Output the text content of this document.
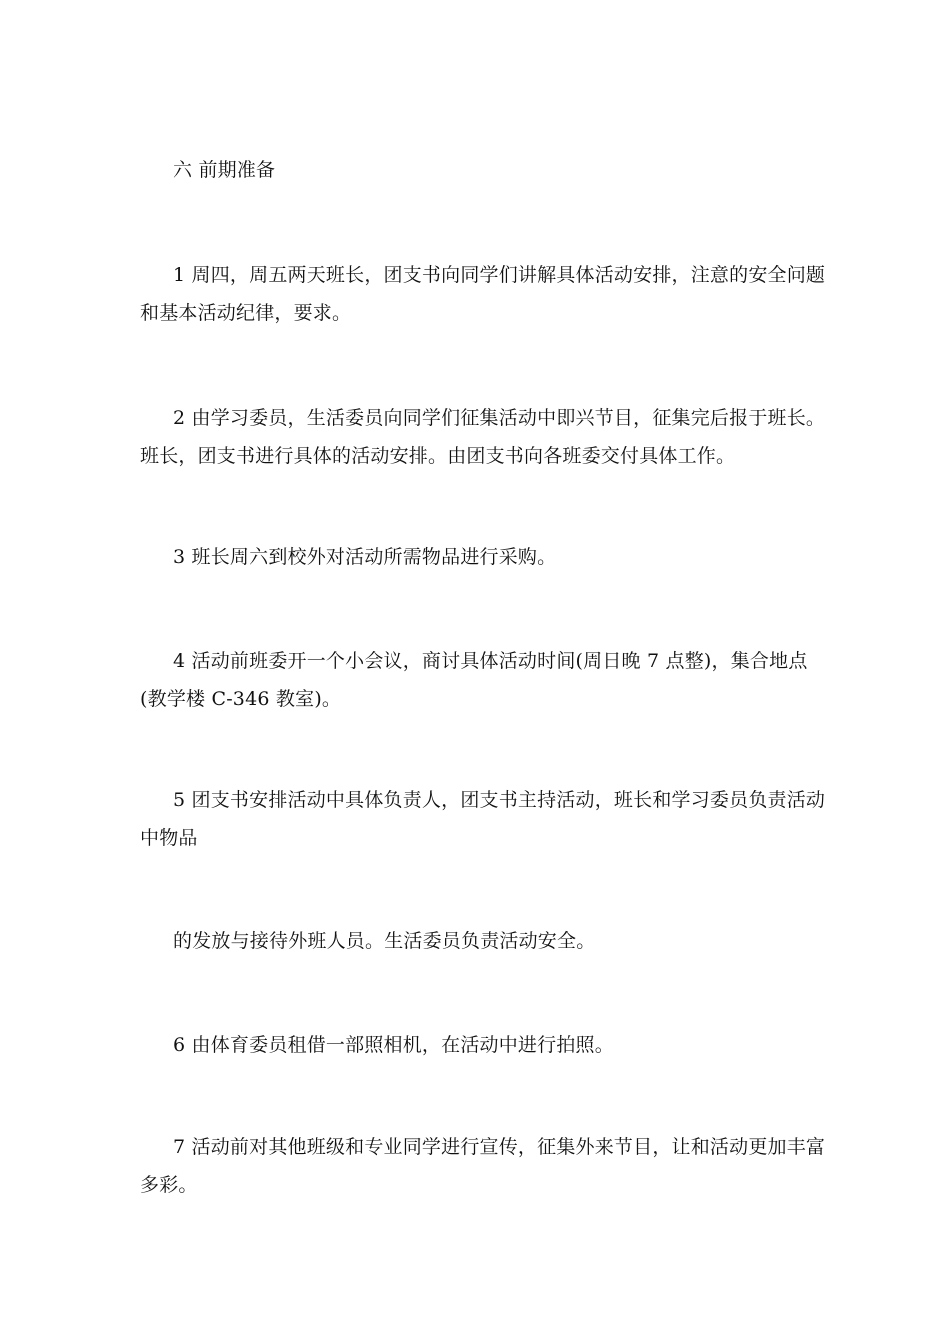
六 前期准备

1 周四，周五两天班长，团支书向同学们讲解具体活动安排，注意的安全问题和基本活动纪律，要求。

2 由学习委员，生活委员向同学们征集活动中即兴节目，征集完后报于班长。班长，团支书进行具体的活动安排。由团支书向各班委交付具体工作。

3 班长周六到校外对活动所需物品进行采购。

4 活动前班委开一个小会议，商讨具体活动时间(周日晚 7 点整)，集合地点(教学楼 C-346 教室)。

5 团支书安排活动中具体负责人，团支书主持活动，班长和学习委员负责活动中物品

的发放与接待外班人员。生活委员负责活动安全。

6 由体育委员租借一部照相机，在活动中进行拍照。

7 活动前对其他班级和专业同学进行宣传，征集外来节目，让和活动更加丰富多彩。
